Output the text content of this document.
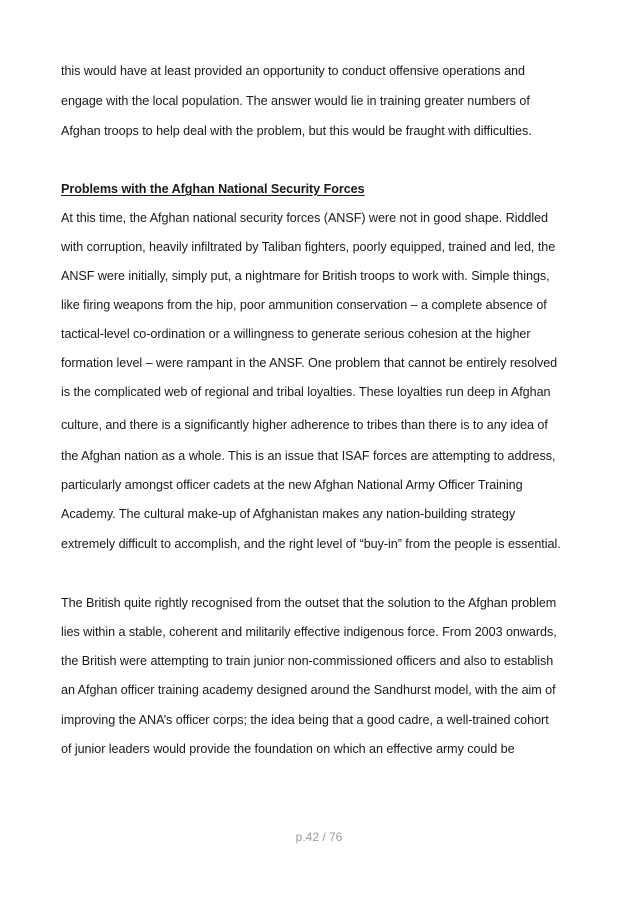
this would have at least provided an opportunity to conduct offensive operations and
engage with the local population. The answer would lie in training greater numbers of
Afghan troops to help deal with the problem, but this would be fraught with difficulties.
Problems with the Afghan National Security Forces
At this time, the Afghan national security forces (ANSF) were not in good shape. Riddled
with corruption, heavily infiltrated by Taliban fighters, poorly equipped, trained and led, the
ANSF were initially, simply put, a nightmare for British troops to work with. Simple things,
like firing weapons from the hip, poor ammunition conservation – a complete absence of
tactical-level co-ordination or a willingness to generate serious cohesion at the higher
formation level – were rampant in the ANSF. One problem that cannot be entirely resolved
is the complicated web of regional and tribal loyalties. These loyalties run deep in Afghan
culture, and there is a significantly higher adherence to tribes than there is to any idea of
the Afghan nation as a whole. This is an issue that ISAF forces are attempting to address,
particularly amongst officer cadets at the new Afghan National Army Officer Training
Academy. The cultural make-up of Afghanistan makes any nation-building strategy
extremely difficult to accomplish, and the right level of “buy-in” from the people is essential.
The British quite rightly recognised from the outset that the solution to the Afghan problem
lies within a stable, coherent and militarily effective indigenous force. From 2003 onwards,
the British were attempting to train junior non-commissioned officers and also to establish
an Afghan officer training academy designed around the Sandhurst model, with the aim of
improving the ANA’s officer corps; the idea being that a good cadre, a well-trained cohort
of junior leaders would provide the foundation on which an effective army could be
p.42 / 76
